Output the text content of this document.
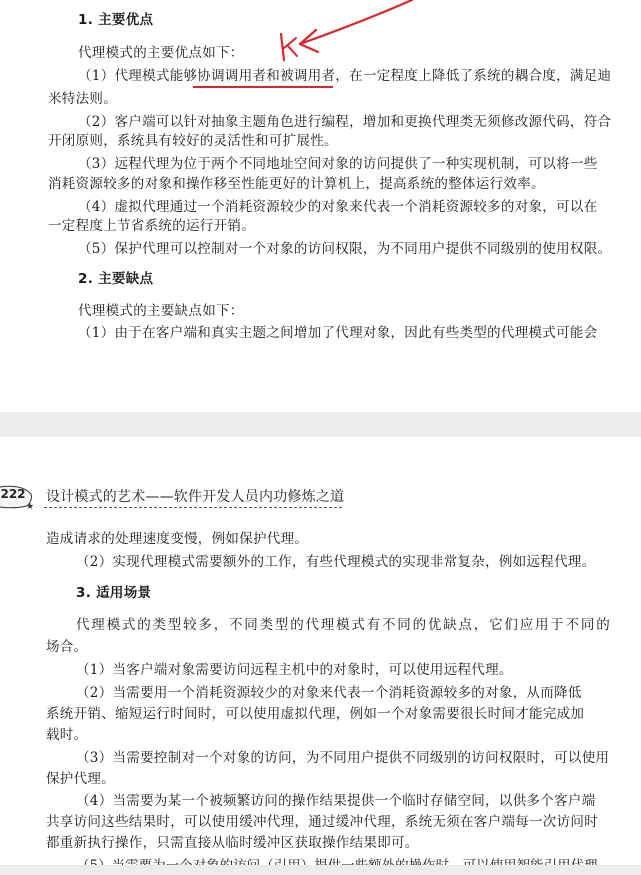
1. 主要优点
代理模式的主要优点如下：
（1）代理模式能够协调调用者和被调用者，在一定程度上降低了系统的耦合度，满足迪
米特法则。
（2）客户端可以针对抽象主题角色进行编程，增加和更换代理类无须修改源代码，符合
开闭原则，系统具有较好的灵活性和可扩展性。
（3）远程代理为位于两个不同地址空间对象的访问提供了一种实现机制，可以将一些
消耗资源较多的对象和操作移至性能更好的计算机上，提高系统的整体运行效率。
（4）虚拟代理通过一个消耗资源较少的对象来代表一个消耗资源较多的对象，可以在
一定程度上节省系统的运行开销。
（5）保护代理可以控制对一个对象的访问权限，为不同用户提供不同级别的使用权限。
2. 主要缺点
代理模式的主要缺点如下：
（1）由于在客户端和真实主题之间增加了代理对象，因此有些类型的代理模式可能会
222
★
设计模式的艺术——软件开发人员内功修炼之道
造成请求的处理速度变慢，例如保护代理。
（2）实现代理模式需要额外的工作，有些代理模式的实现非常复杂，例如远程代理。
3. 适用场景
代理模式的类型较多，不同类型的代理模式有不同的优缺点，它们应用于不同的
场合。
（1）当客户端对象需要访问远程主机中的对象时，可以使用远程代理。
（2）当需要用一个消耗资源较少的对象来代表一个消耗资源较多的对象，从而降低
系统开销、缩短运行时间时，可以使用虚拟代理，例如一个对象需要很长时间才能完成加
载时。
（3）当需要控制对一个对象的访问，为不同用户提供不同级别的访问权限时，可以使用
保护代理。
（4）当需要为某一个被频繁访问的操作结果提供一个临时存储空间，以供多个客户端
共享访问这些结果时，可以使用缓冲代理，通过缓冲代理，系统无须在客户端每一次访问时
都重新执行操作，只需直接从临时缓冲区获取操作结果即可。
